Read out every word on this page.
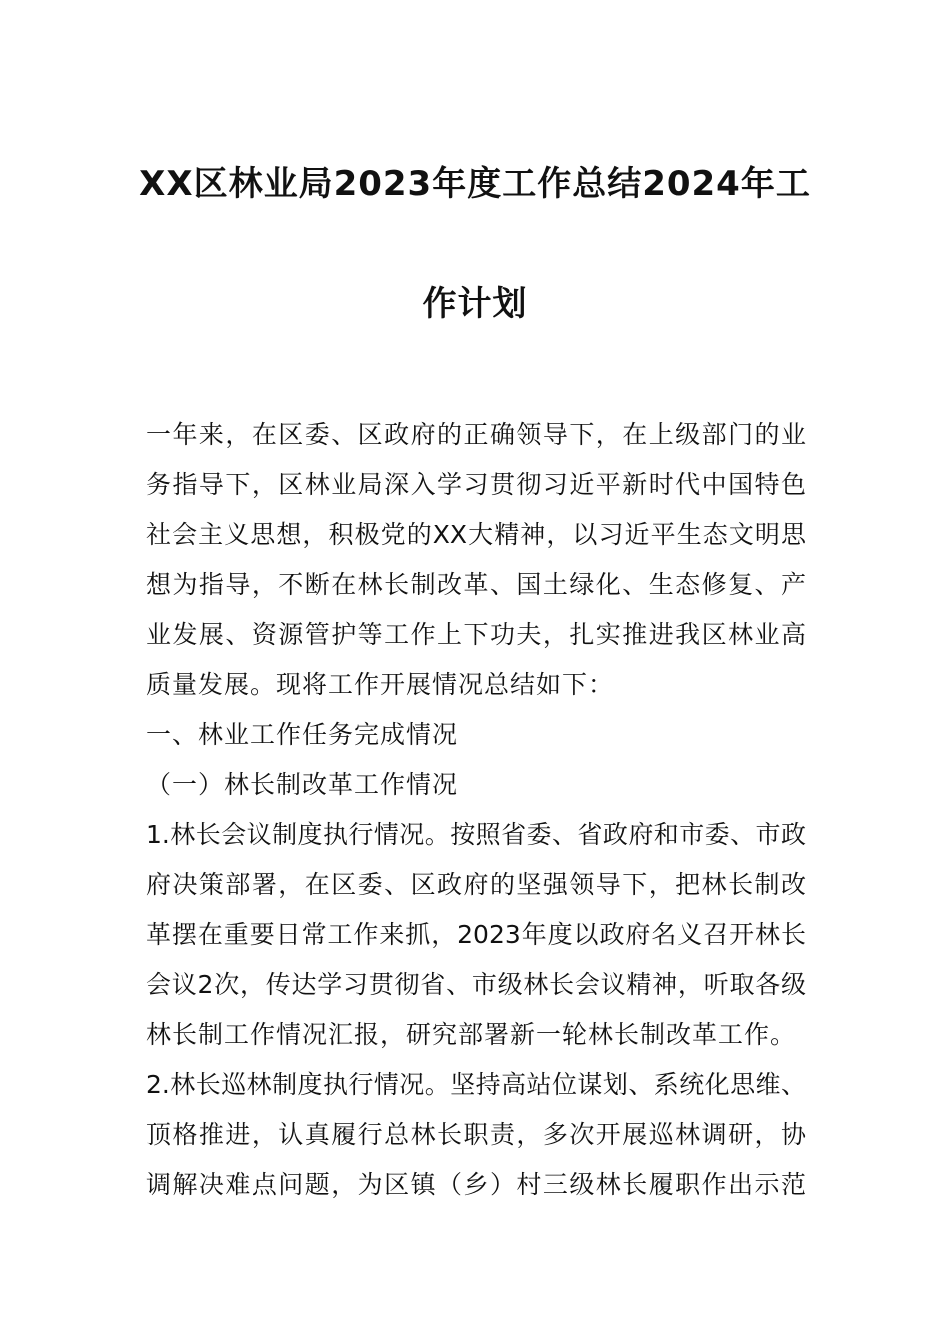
XX区林业局2023年度工作总结2024年工
作计划
一年来，在区委、区政府的正确领导下，在上级部门的业
务指导下，区林业局深入学习贯彻习近平新时代中国特色
社会主义思想，积极党的XX大精神，以习近平生态文明思
想为指导，不断在林长制改革、国土绿化、生态修复、产
业发展、资源管护等工作上下功夫，扎实推进我区林业高
质量发展。现将工作开展情况总结如下：
一、林业工作任务完成情况
（一）林长制改革工作情况
1.林长会议制度执行情况。按照省委、省政府和市委、市政
府决策部署，在区委、区政府的坚强领导下，把林长制改
革摆在重要日常工作来抓，2023年度以政府名义召开林长
会议2次，传达学习贯彻省、市级林长会议精神，听取各级
林长制工作情况汇报，研究部署新一轮林长制改革工作。
2.林长巡林制度执行情况。坚持高站位谋划、系统化思维、
顶格推进，认真履行总林长职责，多次开展巡林调研，协
调解决难点问题，为区镇（乡）村三级林长履职作出示范
